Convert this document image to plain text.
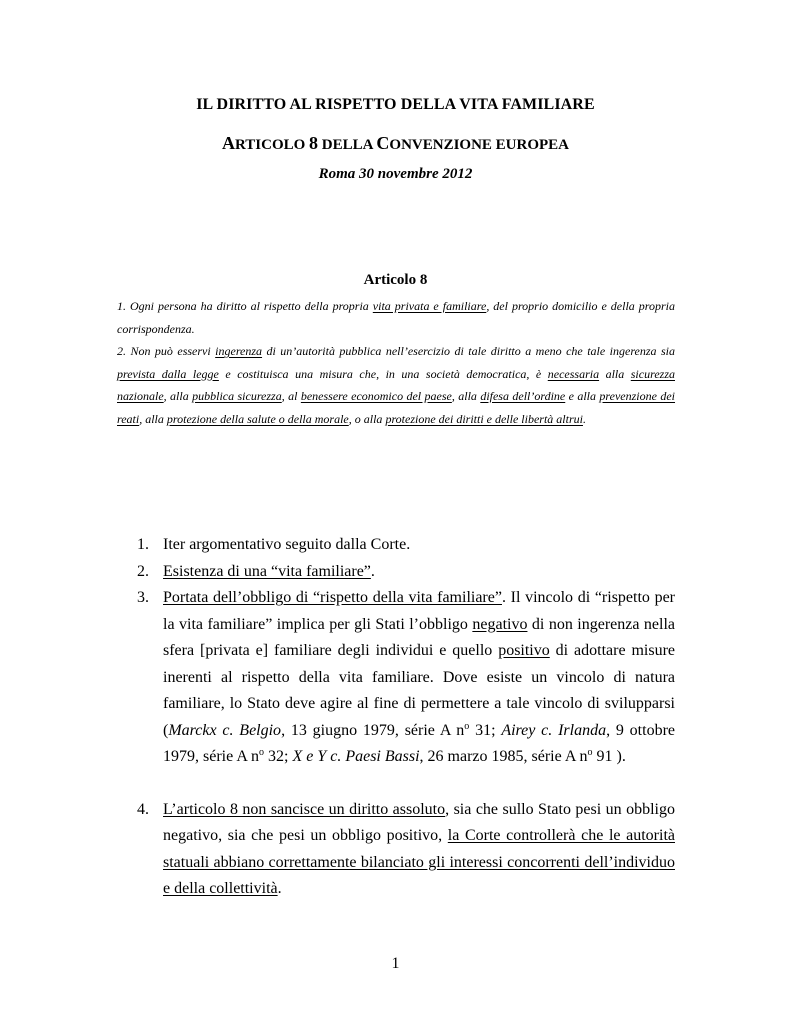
IL DIRITTO AL RISPETTO DELLA VITA FAMILIARE
ARTICOLO 8 DELLA CONVENZIONE EUROPEA
Roma 30 novembre 2012
Articolo 8

1. Ogni persona ha diritto al rispetto della propria vita privata e familiare, del proprio domicilio e della propria corrispondenza.

2. Non può esservi ingerenza di un’autorità pubblica nell’esercizio di tale diritto a meno che tale ingerenza sia prevista dalla legge e costituisca una misura che, in una società democratica, è necessaria alla sicurezza nazionale, alla pubblica sicurezza, al benessere economico del paese, alla difesa dell’ordine e alla prevenzione dei reati, alla protezione della salute o della morale, o alla protezione dei diritti e delle libertà altrui.

1. Iter argomentativo seguito dalla Corte.
2. Esistenza di una “vita familiare”.
3. Portata dell’obbligo di “rispetto della vita familiare”. Il vincolo di “rispetto per la vita familiare” implica per gli Stati l’obbligo negativo di non ingerenza nella sfera [privata e] familiare degli individui e quello positivo di adottare misure inerenti al rispetto della vita familiare. Dove esiste un vincolo di natura familiare, lo Stato deve agire al fine di permettere a tale vincolo di svilupparsi (Marckx c. Belgio, 13 giugno 1979, série A $n^o$ 31; Airey c. Irlanda, 9 ottobre 1979, série A $n^o$ 32; X e Y c. Paesi Bassi, 26 marzo 1985, série A $n^o$ 91 ).
4. L’articolo 8 non sancisce un diritto assoluto, sia che sullo Stato pesi un obbligo negativo, sia che pesi un obbligo positivo, la Corte controllerà che le autorità statuali abbiano correttamente bilanciato gli interessi concorrenti dell’individuo e della collettività.
1
